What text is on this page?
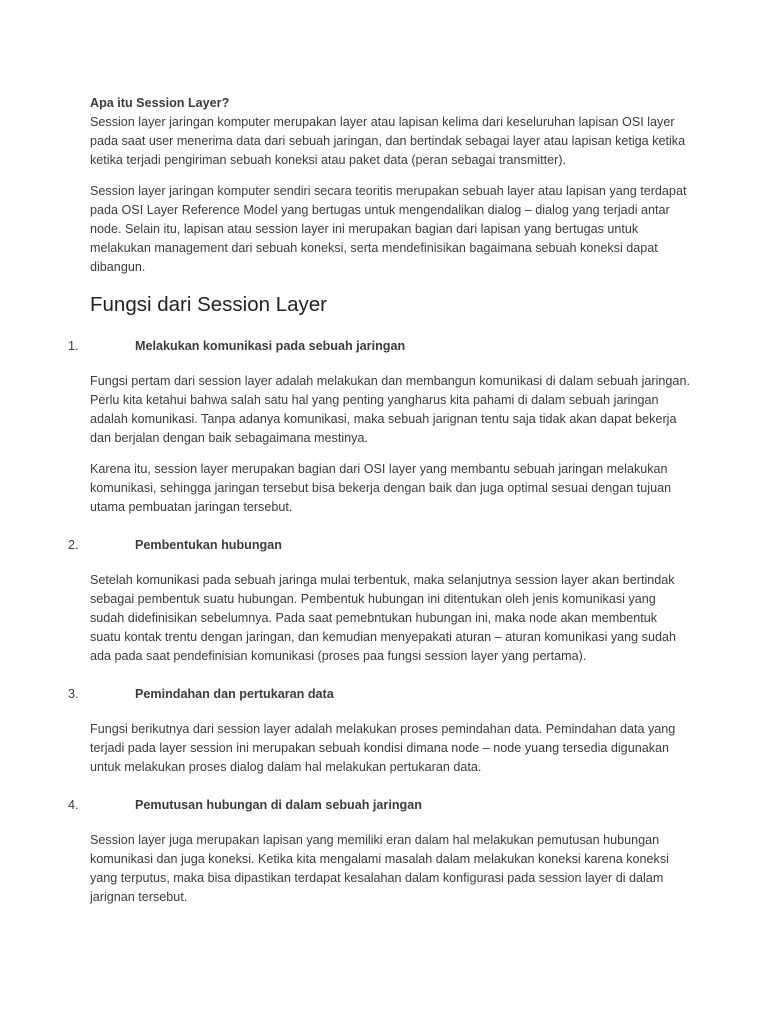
Apa itu Session Layer?
Session layer jaringan komputer merupakan layer atau lapisan kelima dari keseluruhan lapisan OSI layer pada saat user menerima data dari sebuah jaringan, dan bertindak sebagai layer atau lapisan ketiga ketika ketika terjadi pengiriman sebuah koneksi atau paket data (peran sebagai transmitter).

Session layer jaringan komputer sendiri secara teoritis merupakan sebuah layer atau lapisan yang terdapat pada OSI Layer Reference Model yang bertugas untuk mengendalikan dialog – dialog yang terjadi antar node. Selain itu, lapisan atau session layer ini merupakan bagian dari lapisan yang bertugas untuk melakukan management dari sebuah koneksi, serta mendefinisikan bagaimana sebuah koneksi dapat dibangun.

Fungsi dari Session Layer
1.	Melakukan komunikasi pada sebuah jaringan

Fungsi pertam dari session layer adalah melakukan dan membangun komunikasi di dalam sebuah jaringan. Perlu kita ketahui bahwa salah satu hal yang penting yangharus kita pahami di dalam sebuah jaringan adalah komunikasi. Tanpa adanya komunikasi, maka sebuah jarignan tentu saja tidak akan dapat bekerja dan berjalan dengan baik sebagaimana mestinya.

Karena itu, session layer merupakan bagian dari OSI layer yang membantu sebuah jaringan melakukan komunikasi, sehingga jaringan tersebut bisa bekerja dengan baik dan juga optimal sesuai dengan tujuan utama pembuatan jaringan tersebut.

2.	Pembentukan hubungan

Setelah komunikasi pada sebuah jaringa mulai terbentuk, maka selanjutnya session layer akan bertindak sebagai pembentuk suatu hubungan. Pembentuk hubungan ini ditentukan oleh jenis komunikasi yang sudah didefinisikan sebelumnya. Pada saat pemebntukan hubungan ini, maka node akan membentuk suatu kontak trentu dengan jaringan, dan kemudian menyepakati aturan – aturan komunikasi yang sudah ada pada saat pendefinisian komunikasi (proses paa fungsi session layer yang pertama).

3.	Pemindahan dan pertukaran data

Fungsi berikutnya dari session layer adalah melakukan proses pemindahan data. Pemindahan data yang terjadi pada layer session ini merupakan sebuah kondisi dimana node – node yuang tersedia digunakan untuk melakukan proses dialog dalam hal melakukan pertukaran data.

4.	Pemutusan hubungan di dalam sebuah jaringan

Session layer juga merupakan lapisan yang memiliki eran dalam hal melakukan pemutusan hubungan komunikasi dan juga koneksi. Ketika kita mengalami masalah dalam melakukan koneksi karena koneksi yang terputus, maka bisa dipastikan terdapat kesalahan dalam konfigurasi pada session layer di dalam jarignan tersebut.
